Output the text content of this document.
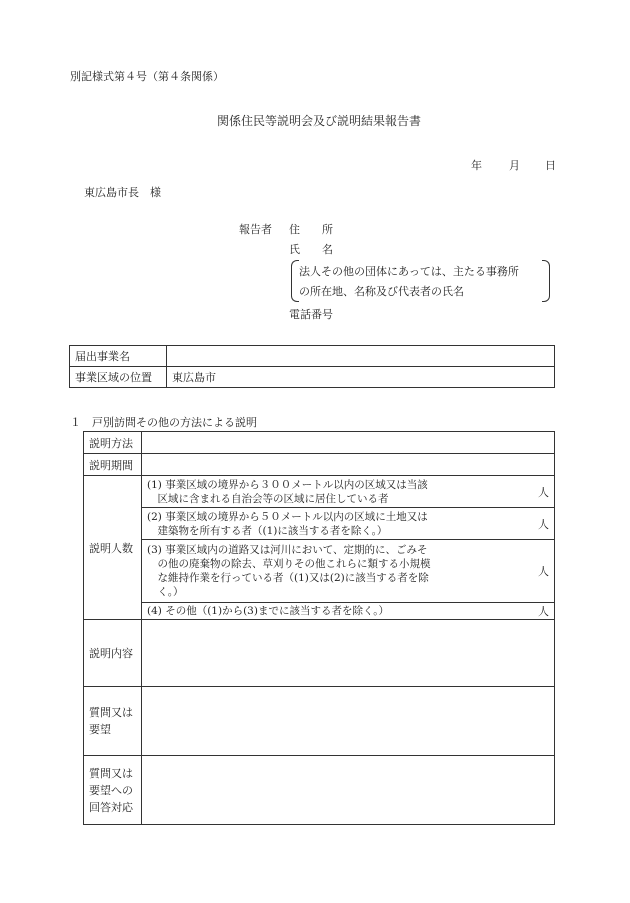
別記様式第４号（第４条関係）
関係住民等説明会及び説明結果報告書
年 月 日
東広島市長　様
報告者 住　　所
氏　　名
法人その他の団体にあっては、主たる事務所
の所在地、名称及び代表者の氏名
電話番号
届出事業名	
事業区域の位置	東広島市
１　戸別訪問その他の方法による説明
説明方法		
説明期間		
説明人数	(1) 事業区域の境界から３００メートル以内の区域又は当該
　区域に含まれる自治会等の区域に居住している者	人

	(2) 事業区域の境界から５０メートル以内の区域に土地又は
　建築物を所有する者（(1)に該当する者を除く。）	人

	(3) 事業区域内の道路又は河川において、定期的に、ごみそ
　の他の廃棄物の除去、草刈りその他これらに類する小規模
　な維持作業を行っている者（(1)又は(2)に該当する者を除
　く。）	人
	(4) その他（(1)から(3)までに該当する者を除く。）	人
説明内容		

質問又は
要望		

質問又は
要望への
回答対応		
